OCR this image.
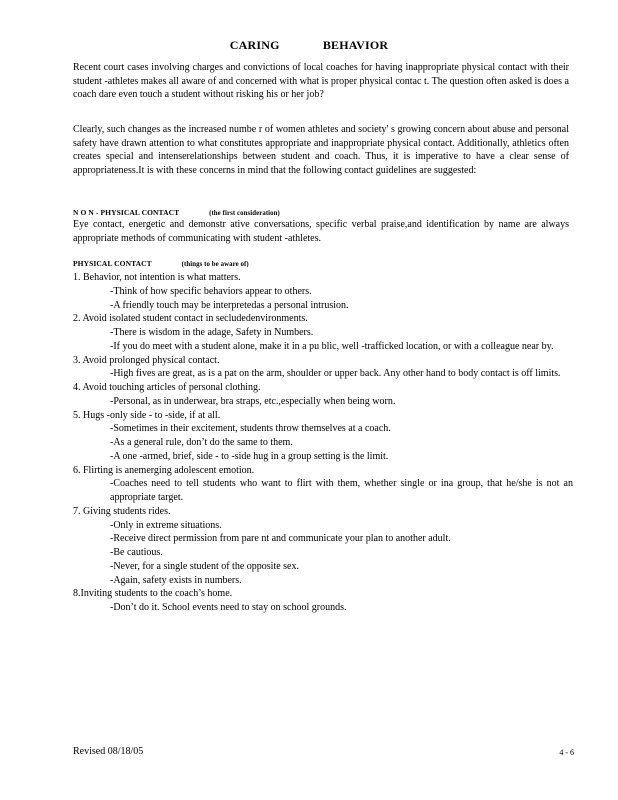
CARING BEHAVIOR
Recent court cases involving charges and convictions of local coaches for having inappropriate physical contact with their student -athletes makes all aware of and concerned with what is proper physical contac t. The question often asked is does a coach dare even touch a student without risking his or her job?
Clearly, such changes as the increased numbe r of women athletes and society' s growing concern about abuse and personal safety have drawn attention to what constitutes appropriate and inappropriate physical contact. Additionally, athletics often creates special and intenserelationships between student and coach. Thus, it is imperative to have a clear sense of appropriateness.It is with these concerns in mind that the following contact guidelines are suggested:
N O N - PHYSICAL CONTACT	(the first consideration)
Eye contact, energetic and demonstr ative conversations, specific verbal praise,and identification by name are always appropriate methods of communicating with student -athletes.
PHYSICAL CONTACT	(things to be aware of)
1. Behavior, not intention is what matters.
-Think of how specific behaviors appear to others.
-A friendly touch may be interpretedas a personal intrusion.
2. Avoid isolated student contact in secludedenvironments.
-There is wisdom in the adage, Safety in Numbers.
-If you do meet with a student alone, make it in a pu blic, well -trafficked location, or with a colleague near by.
3. Avoid prolonged physical contact.
-High fives are great, as is a pat on the arm, shoulder or upper back. Any other hand to body contact is off limits.
4. Avoid touching articles of personal clothing.
-Personal, as in underwear, bra straps, etc.,especially when being worn.
5. Hugs -only side - to -side, if at all.
-Sometimes in their excitement, students throw themselves at a coach.
-As a general rule, don’t do the same to them.
-A one -armed, brief, side - to -side hug in a group setting is the limit.
6. Flirting is anemerging adolescent emotion.
-Coaches need to tell students who want to flirt with them, whether single or ina group, that he/she is not an appropriate target.
7. Giving students rides.
-Only in extreme situations.
-Receive direct permission from pare nt and communicate your plan to another adult.
-Be cautious.
-Never, for a single student of the opposite sex.
-Again, safety exists in numbers.
8.Inviting students to the coach’s home.
-Don’t do it. School events need to stay on school grounds.
Revised 08/18/05	4 - 6
